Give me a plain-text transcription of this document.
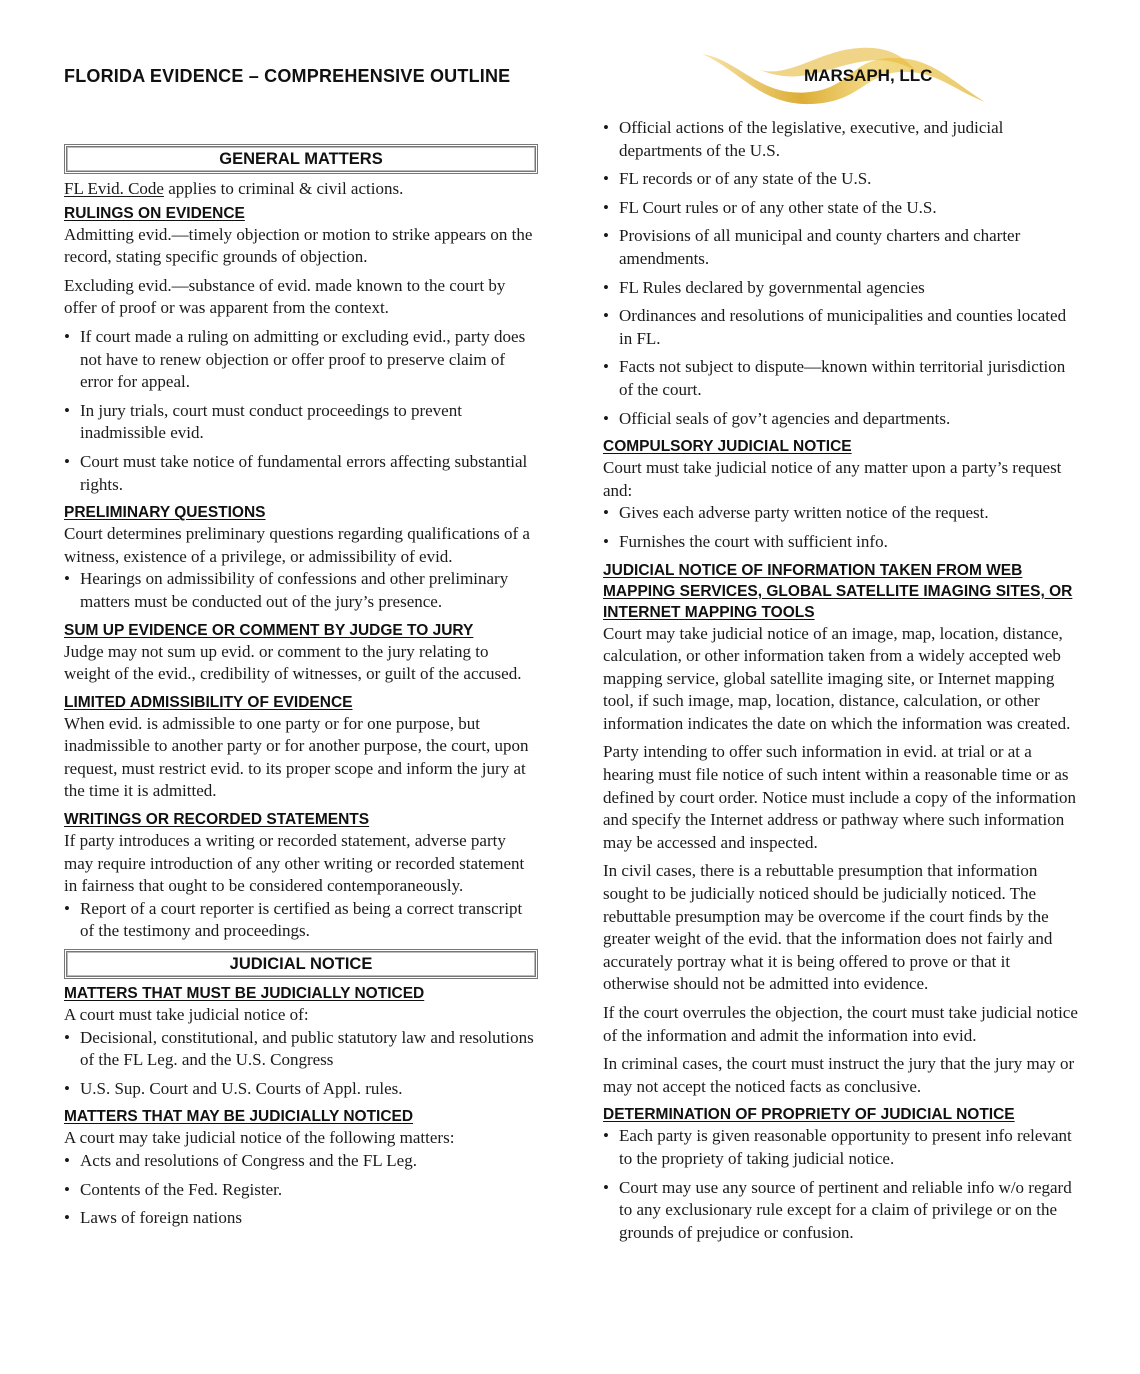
FLORIDA EVIDENCE – COMPREHENSIVE OUTLINE	MARSAPH, LLC
GENERAL MATTERS

FL Evid. Code applies to criminal & civil actions.

RULINGS ON EVIDENCE

Admitting evid.—timely objection or motion to strike appears on the record, stating specific grounds of objection.

Excluding evid.—substance of evid. made known to the court by offer of proof or was apparent from the context.

• If court made a ruling on admitting or excluding evid., party does not have to renew objection or offer proof to preserve claim of error for appeal.
• In jury trials, court must conduct proceedings to prevent inadmissible evid.
• Court must take notice of fundamental errors affecting substantial rights.
PRELIMINARY QUESTIONS

Court determines preliminary questions regarding qualifications of a witness, existence of a privilege, or admissibility of evid.

• Hearings on admissibility of confessions and other preliminary matters must be conducted out of the jury’s presence.
SUM UP EVIDENCE OR COMMENT BY JUDGE TO JURY

Judge may not sum up evid. or comment to the jury relating to weight of the evid., credibility of witnesses, or guilt of the accused.

LIMITED ADMISSIBILITY OF EVIDENCE

When evid. is admissible to one party or for one purpose, but inadmissible to another party or for another purpose, the court, upon request, must restrict evid. to its proper scope and inform the jury at the time it is admitted.

WRITINGS OR RECORDED STATEMENTS

If party introduces a writing or recorded statement, adverse party may require introduction of any other writing or recorded statement in fairness that ought to be considered contemporaneously.

• Report of a court reporter is certified as being a correct transcript of the testimony and proceedings.
JUDICIAL NOTICE
MATTERS THAT MUST BE JUDICIALLY NOTICED

A court must take judicial notice of:

• Decisional, constitutional, and public statutory law and resolutions of the FL Leg. and the U.S. Congress
• U.S. Sup. Court and U.S. Courts of Appl. rules.
MATTERS THAT MAY BE JUDICIALLY NOTICED

A court may take judicial notice of the following matters:

• Acts and resolutions of Congress and the FL Leg.
• Contents of the Fed. Register.
• Laws of foreign nations
• Official actions of the legislative, executive, and judicial departments of the U.S.
• FL records or of any state of the U.S.
• FL Court rules or of any other state of the U.S.
• Provisions of all municipal and county charters and charter amendments.
• FL Rules declared by governmental agencies
• Ordinances and resolutions of municipalities and counties located in FL.
• Facts not subject to dispute—known within territorial jurisdiction of the court.
• Official seals of gov’t agencies and departments.
COMPULSORY JUDICIAL NOTICE

Court must take judicial notice of any matter upon a party’s request and:

• Gives each adverse party written notice of the request.
• Furnishes the court with sufficient info.
JUDICIAL NOTICE OF INFORMATION TAKEN FROM WEB MAPPING SERVICES, GLOBAL SATELLITE IMAGING SITES, OR INTERNET MAPPING TOOLS

Court may take judicial notice of an image, map, location, distance, calculation, or other information taken from a widely accepted web mapping service, global satellite imaging site, or Internet mapping tool, if such image, map, location, distance, calculation, or other information indicates the date on which the information was created.

Party intending to offer such information in evid. at trial or at a hearing must file notice of such intent within a reasonable time or as defined by court order. Notice must include a copy of the information and specify the Internet address or pathway where such information may be accessed and inspected.

In civil cases, there is a rebuttable presumption that information sought to be judicially noticed should be judicially noticed. The rebuttable presumption may be overcome if the court finds by the greater weight of the evid. that the information does not fairly and accurately portray what it is being offered to prove or that it otherwise should not be admitted into evidence.

If the court overrules the objection, the court must take judicial notice of the information and admit the information into evid.

In criminal cases, the court must instruct the jury that the jury may or may not accept the noticed facts as conclusive.

DETERMINATION OF PROPRIETY OF JUDICIAL NOTICE
• Each party is given reasonable opportunity to present info relevant to the propriety of taking judicial notice.
• Court may use any source of pertinent and reliable info w/o regard to any exclusionary rule except for a claim of privilege or on the grounds of prejudice or confusion.
